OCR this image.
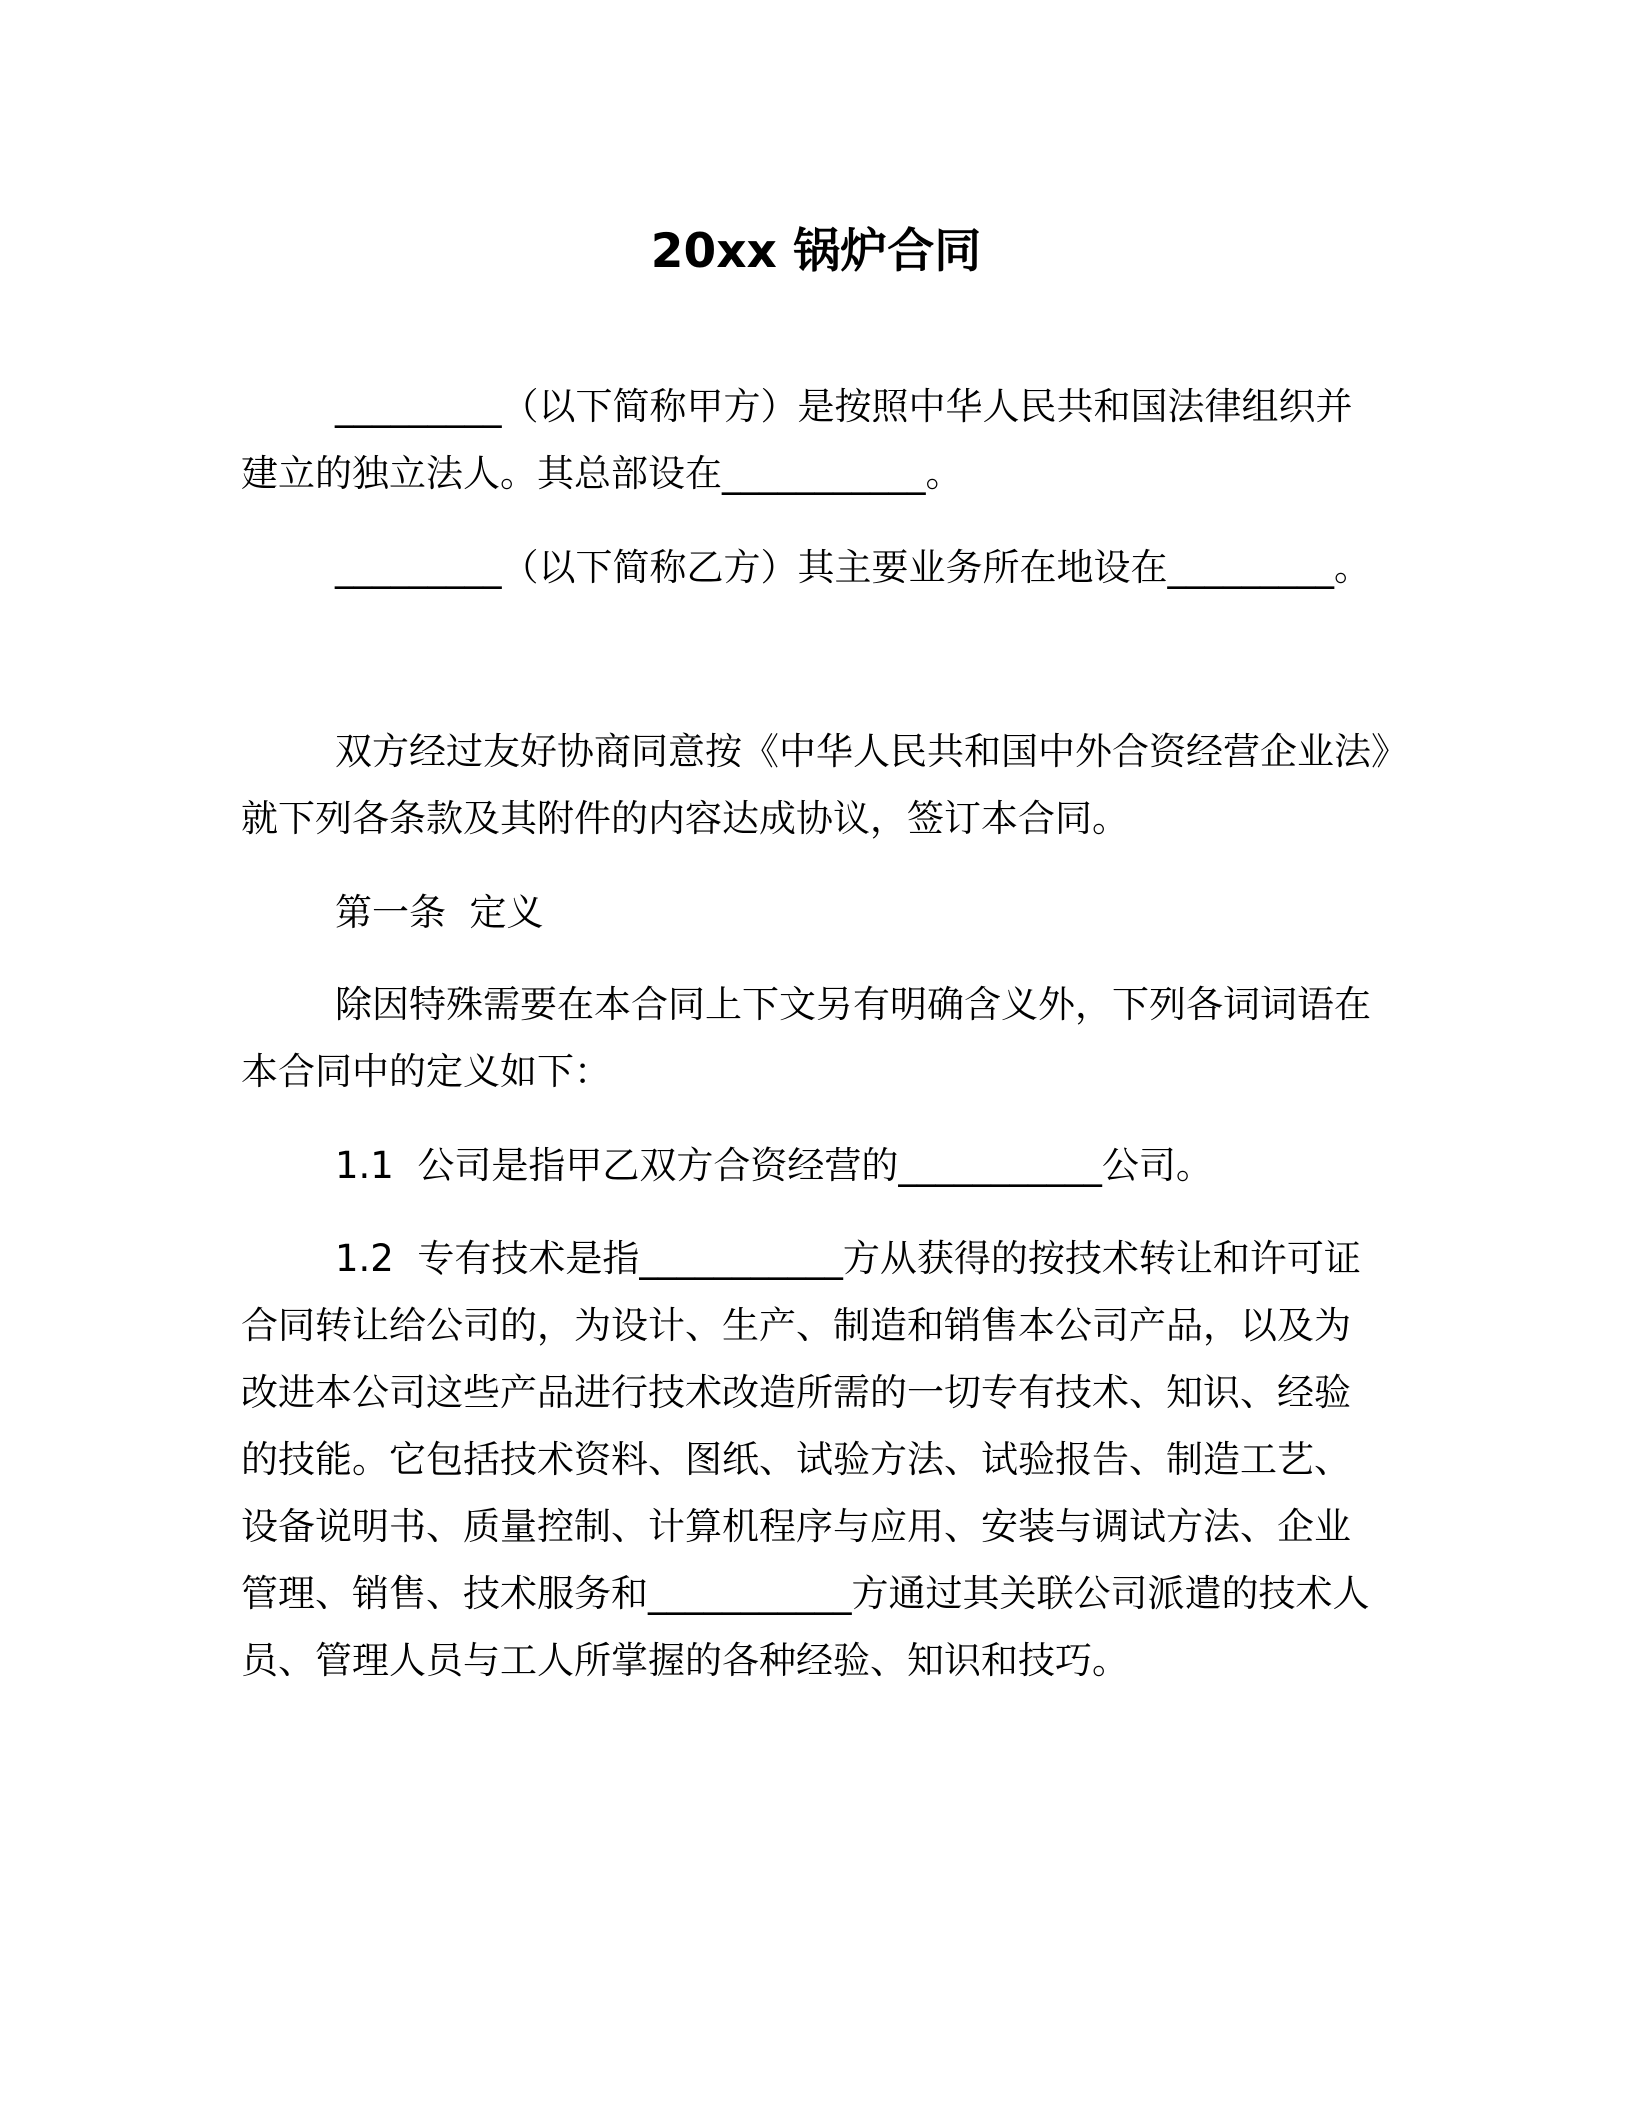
20xx 锅炉合同
_________（以下简称甲方）是按照中华人民共和国法律组织并
建立的独立法人。其总部设在___________。
_________（以下简称乙方）其主要业务所在地设在_________。
双方经过友好协商同意按《中华人民共和国中外合资经营企业法》
就下列各条款及其附件的内容达成协议，签订本合同。
第一条  定义
除因特殊需要在本合同上下文另有明确含义外，下列各词词语在
本合同中的定义如下：
1.1  公司是指甲乙双方合资经营的___________公司。
1.2  专有技术是指___________方从获得的按技术转让和许可证
合同转让给公司的，为设计、生产、制造和销售本公司产品，以及为
改进本公司这些产品进行技术改造所需的一切专有技术、知识、经验
的技能。它包括技术资料、图纸、试验方法、试验报告、制造工艺、
设备说明书、质量控制、计算机程序与应用、安装与调试方法、企业
管理、销售、技术服务和___________方通过其关联公司派遣的技术人
员、管理人员与工人所掌握的各种经验、知识和技巧。
